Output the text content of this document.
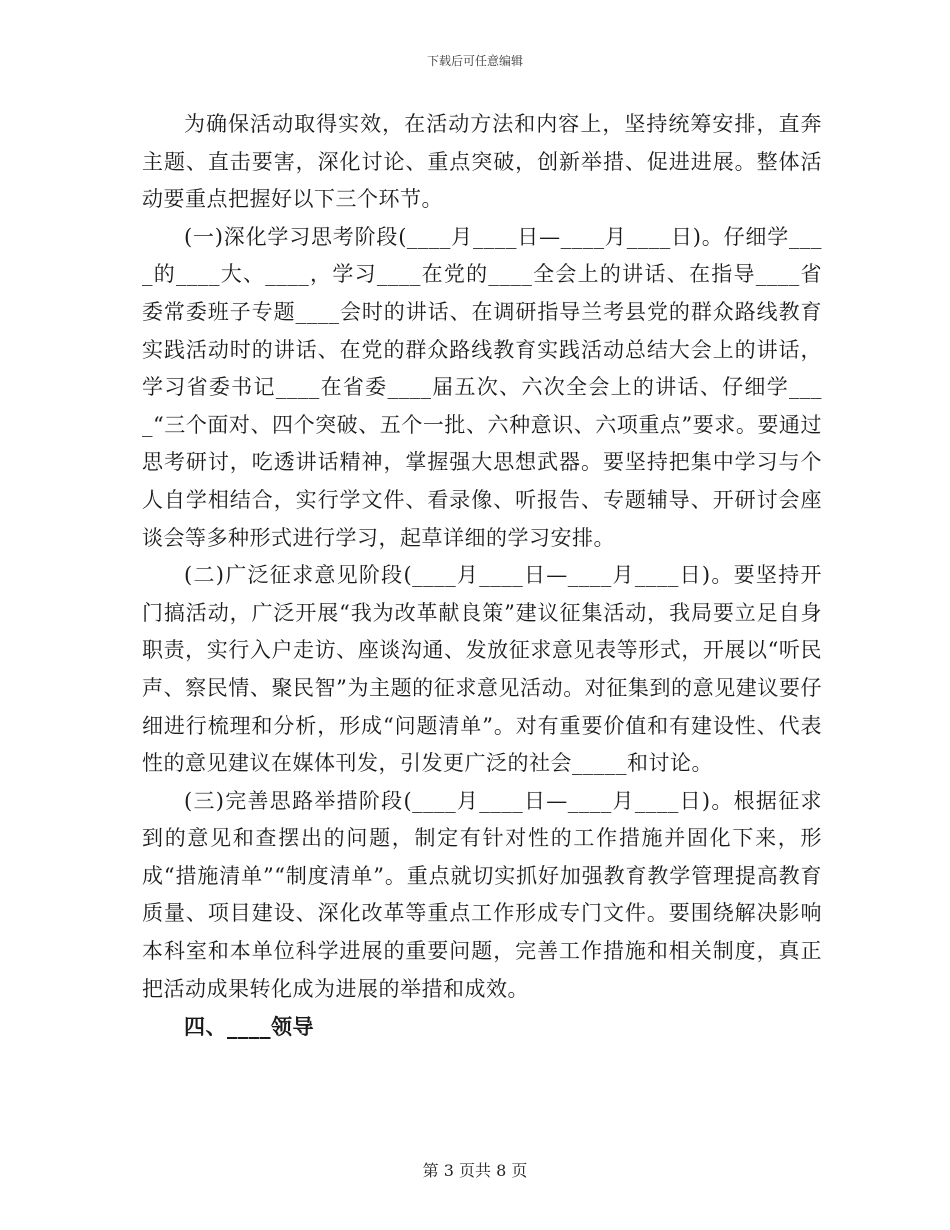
下载后可任意编辑

为确保活动取得实效，在活动方法和内容上，坚持统筹安排，直奔主题、直击要害，深化讨论、重点突破，创新举措、促进进展。整体活动要重点把握好以下三个环节。

(一)深化学习思考阶段(____月____日—____月____日)。仔细学____的____大、____，学习____在党的____全会上的讲话、在指导____省委常委班子专题____会时的讲话、在调研指导兰考县党的群众路线教育实践活动时的讲话、在党的群众路线教育实践活动总结大会上的讲话，学习省委书记____在省委____届五次、六次全会上的讲话、仔细学____“三个面对、四个突破、五个一批、六种意识、六项重点”要求。要通过思考研讨，吃透讲话精神，掌握强大思想武器。要坚持把集中学习与个人自学相结合，实行学文件、看录像、听报告、专题辅导、开研讨会座谈会等多种形式进行学习，起草详细的学习安排。

(二)广泛征求意见阶段(____月____日—____月____日)。要坚持开门搞活动，广泛开展“我为改革献良策”建议征集活动，我局要立足自身职责，实行入户走访、座谈沟通、发放征求意见表等形式，开展以“听民声、察民情、聚民智”为主题的征求意见活动。对征集到的意见建议要仔细进行梳理和分析，形成“问题清单”。对有重要价值和有建设性、代表性的意见建议在媒体刊发，引发更广泛的社会_____和讨论。

(三)完善思路举措阶段(____月____日—____月____日)。根据征求到的意见和查摆出的问题，制定有针对性的工作措施并固化下来，形成“措施清单”“制度清单”。重点就切实抓好加强教育教学管理提高教育质量、项目建设、深化改革等重点工作形成专门文件。要围绕解决影响本科室和本单位科学进展的重要问题，完善工作措施和相关制度，真正把活动成果转化成为进展的举措和成效。

四、____领导

第 3 页共 8 页
